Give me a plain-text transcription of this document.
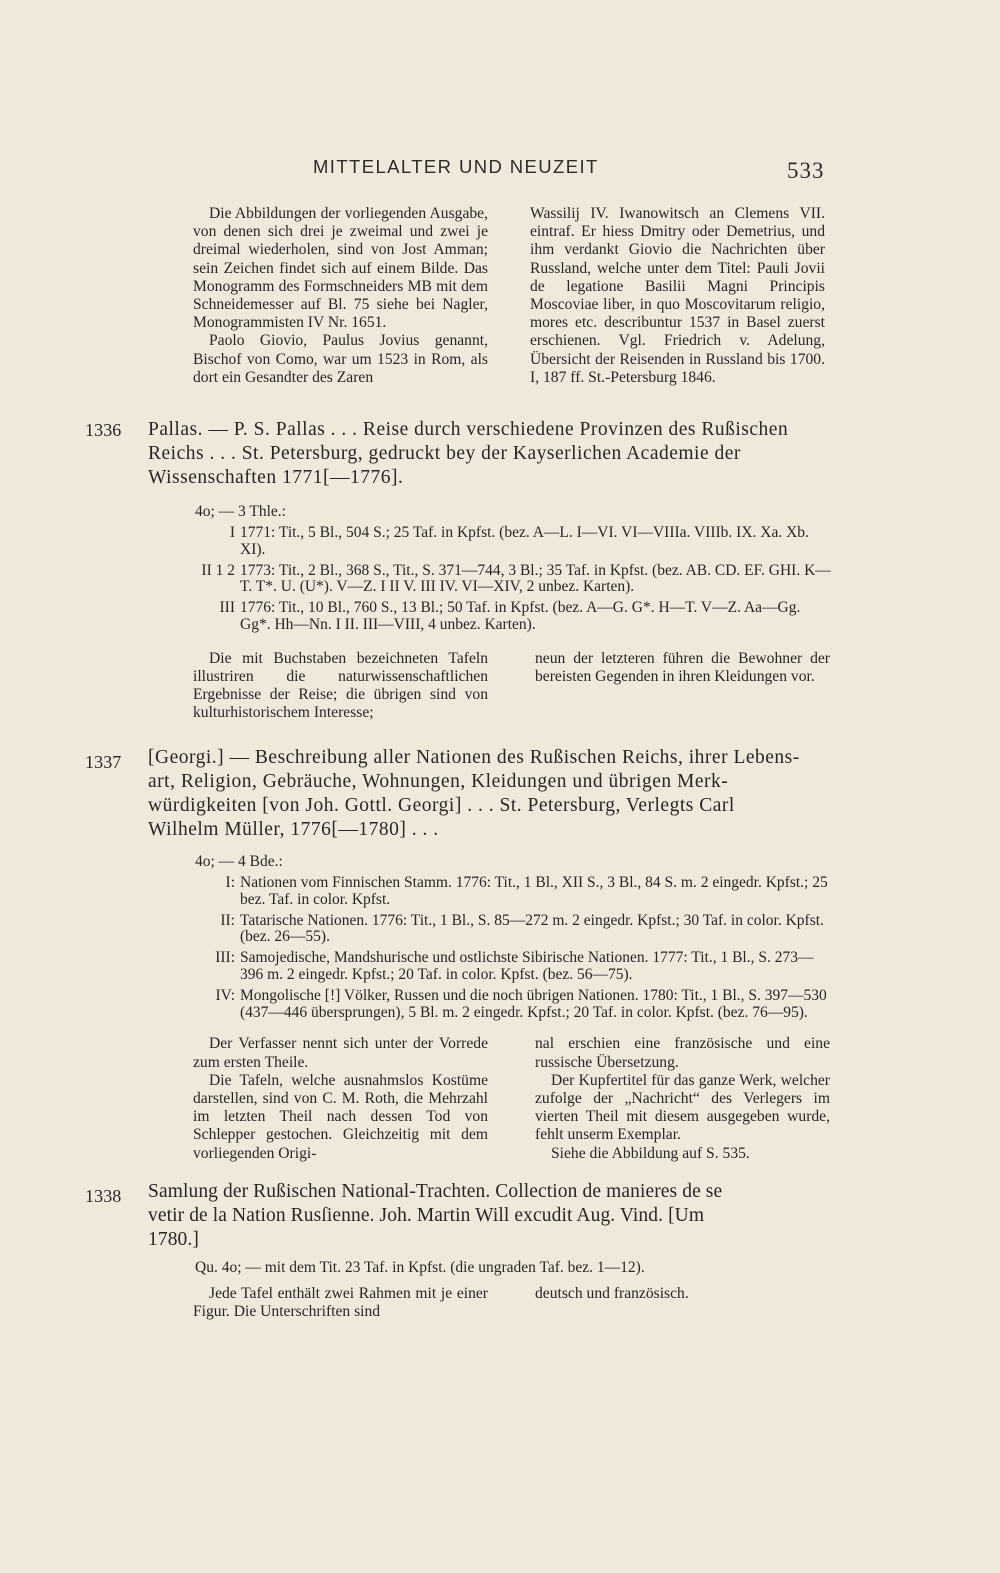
MITTELALTER UND NEUZEIT	533

Die Abbildungen der vorliegenden Ausgabe, von denen sich drei je zweimal und zwei je dreimal wiederholen, sind von Jost Amman; sein Zeichen findet sich auf einem Bilde. Das Monogramm des Formschneiders MB mit dem Schneidemesser auf Bl. 75 siehe bei Nagler, Monogrammisten IV Nr. 1651.

Paolo Giovio, Paulus Jovius genannt, Bischof von Como, war um 1523 in Rom, als dort ein Gesandter des Zaren

Wassilij IV. Iwanowitsch an Clemens VII. eintraf. Er hiess Dmitry oder Demetrius, und ihm verdankt Giovio die Nachrichten über Russland, welche unter dem Titel: Pauli Jovii de legatione Basilii Magni Principis Moscoviae liber, in quo Moscovitarum religio, mores etc. describuntur 1537 in Basel zuerst erschienen. Vgl. Friedrich v. Adelung, Übersicht der Reisenden in Russland bis 1700. I, 187 ff. St.-Petersburg 1846.

1336 Pallas. — P. S. Pallas . . . Reise durch verschiedene Provinzen des Rußischen
Reichs . . . St. Petersburg, gedruckt bey der Kayserlichen Academie der
Wissenschaften 1771[—1776].
4o; — 3 Thle.:
I 1771: Tit., 5 Bl., 504 S.; 25 Taf. in Kpfst. (bez. A—L. I—VI. VI—VIIIa. VIIIb. IX. Xa. Xb. XI).
II 1 2 1773: Tit., 2 Bl., 368 S., Tit., S. 371—744, 3 Bl.; 35 Taf. in Kpfst. (bez. AB. CD. EF. GHI. K—T. T*. U. (U*). V—Z. I II V. III IV. VI—XIV, 2 unbez. Karten).
III 1776: Tit., 10 Bl., 760 S., 13 Bl.; 50 Taf. in Kpfst. (bez. A—G. G*. H—T. V—Z. Aa—Gg. Gg*. Hh—Nn. I II. III—VIII, 4 unbez. Karten).

Die mit Buchstaben bezeichneten Tafeln illustriren die naturwissenschaftlichen Ergebnisse der Reise; die übrigen sind von kulturhistorischem Interesse;

neun der letzteren führen die Bewohner der bereisten Gegenden in ihren Kleidungen vor.

1337 [Georgi.] — Beschreibung aller Nationen des Rußischen Reichs, ihrer Lebens-
art, Religion, Gebräuche, Wohnungen, Kleidungen und übrigen Merk-
würdigkeiten [von Joh. Gottl. Georgi] . . . St. Petersburg, Verlegts Carl
Wilhelm Müller, 1776[—1780] . . .
4o; — 4 Bde.:
I: Nationen vom Finnischen Stamm. 1776: Tit., 1 Bl., XII S., 3 Bl., 84 S. m. 2 eingedr. Kpfst.; 25 bez. Taf. in color. Kpfst.
II: Tatarische Nationen. 1776: Tit., 1 Bl., S. 85—272 m. 2 eingedr. Kpfst.; 30 Taf. in color. Kpfst. (bez. 26—55).
III: Samojedische, Mandshurische und ostlichste Sibirische Nationen. 1777: Tit., 1 Bl., S. 273—396 m. 2 eingedr. Kpfst.; 20 Taf. in color. Kpfst. (bez. 56—75).
IV: Mongolische [!] Völker, Russen und die noch übrigen Nationen. 1780: Tit., 1 Bl., S. 397—530 (437—446 übersprungen), 5 Bl. m. 2 eingedr. Kpfst.; 20 Taf. in color. Kpfst. (bez. 76—95).

Der Verfasser nennt sich unter der Vorrede zum ersten Theile.

Die Tafeln, welche ausnahmslos Kostüme darstellen, sind von C. M. Roth, die Mehrzahl im letzten Theil nach dessen Tod von Schlepper gestochen. Gleichzeitig mit dem vorliegenden Origi-

nal erschien eine französische und eine russische Übersetzung.

Der Kupfertitel für das ganze Werk, welcher zufolge der „Nachricht“ des Verlegers im vierten Theil mit diesem ausgegeben wurde, fehlt unserm Exemplar.

Siehe die Abbildung auf S. 535.

1338 Samlung der Rußischen National-Trachten. Collection de manieres de se
vetir de la Nation Rusſienne. Joh. Martin Will excudit Aug. Vind. [Um
1780.]
Qu. 4o; — mit dem Tit. 23 Taf. in Kpfst. (die ungraden Taf. bez. 1—12).

Jede Tafel enthält zwei Rahmen mit je einer Figur. Die Unterschriften sind

deutsch und französisch.
